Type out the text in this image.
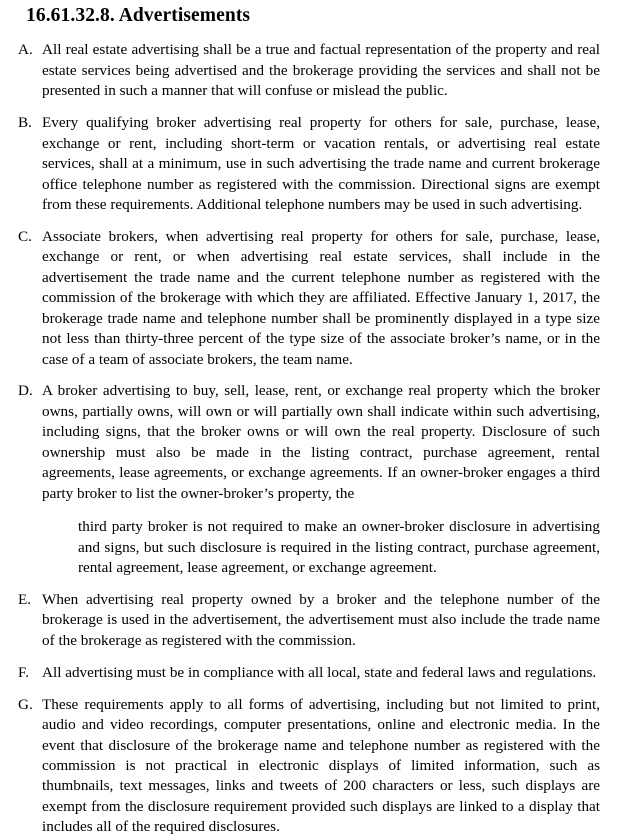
16.61.32.8. Advertisements
A. All real estate advertising shall be a true and factual representation of the property and real estate services being advertised and the brokerage providing the services and shall not be presented in such a manner that will confuse or mislead the public.

B. Every qualifying broker advertising real property for others for sale, purchase, lease, exchange or rent, including short-term or vacation rentals, or advertising real estate services, shall at a minimum, use in such advertising the trade name and current brokerage office telephone number as registered with the commission. Directional signs are exempt from these requirements. Additional telephone numbers may be used in such advertising.

C. Associate brokers, when advertising real property for others for sale, purchase, lease, exchange or rent, or when advertising real estate services, shall include in the advertisement the trade name and the current telephone number as registered with the commission of the brokerage with which they are affiliated. Effective January 1, 2017, the brokerage trade name and telephone number shall be prominently displayed in a type size not less than thirty-three percent of the type size of the associate broker’s name, or in the case of a team of associate brokers, the team name.

D. A broker advertising to buy, sell, lease, rent, or exchange real property which the broker owns, partially owns, will own or will partially own shall indicate within such advertising, including signs, that the broker owns or will own the real property. Disclosure of such ownership must also be made in the listing contract, purchase agreement, rental agreements, lease agreements, or exchange agreements. If an owner-broker engages a third party broker to list the owner-broker’s property, the

third party broker is not required to make an owner-broker disclosure in advertising and signs, but such disclosure is required in the listing contract, purchase agreement, rental agreement, lease agreement, or exchange agreement.

E. When advertising real property owned by a broker and the telephone number of the brokerage is used in the advertisement, the advertisement must also include the trade name of the brokerage as registered with the commission.

F. All advertising must be in compliance with all local, state and federal laws and regulations.

G. These requirements apply to all forms of advertising, including but not limited to print, audio and video recordings, computer presentations, online and electronic media. In the event that disclosure of the brokerage name and telephone number as registered with the commission is not practical in electronic displays of limited information, such as thumbnails, text messages, links and tweets of 200 characters or less, such displays are exempt from the disclosure requirement provided such displays are linked to a display that includes all of the required disclosures.
